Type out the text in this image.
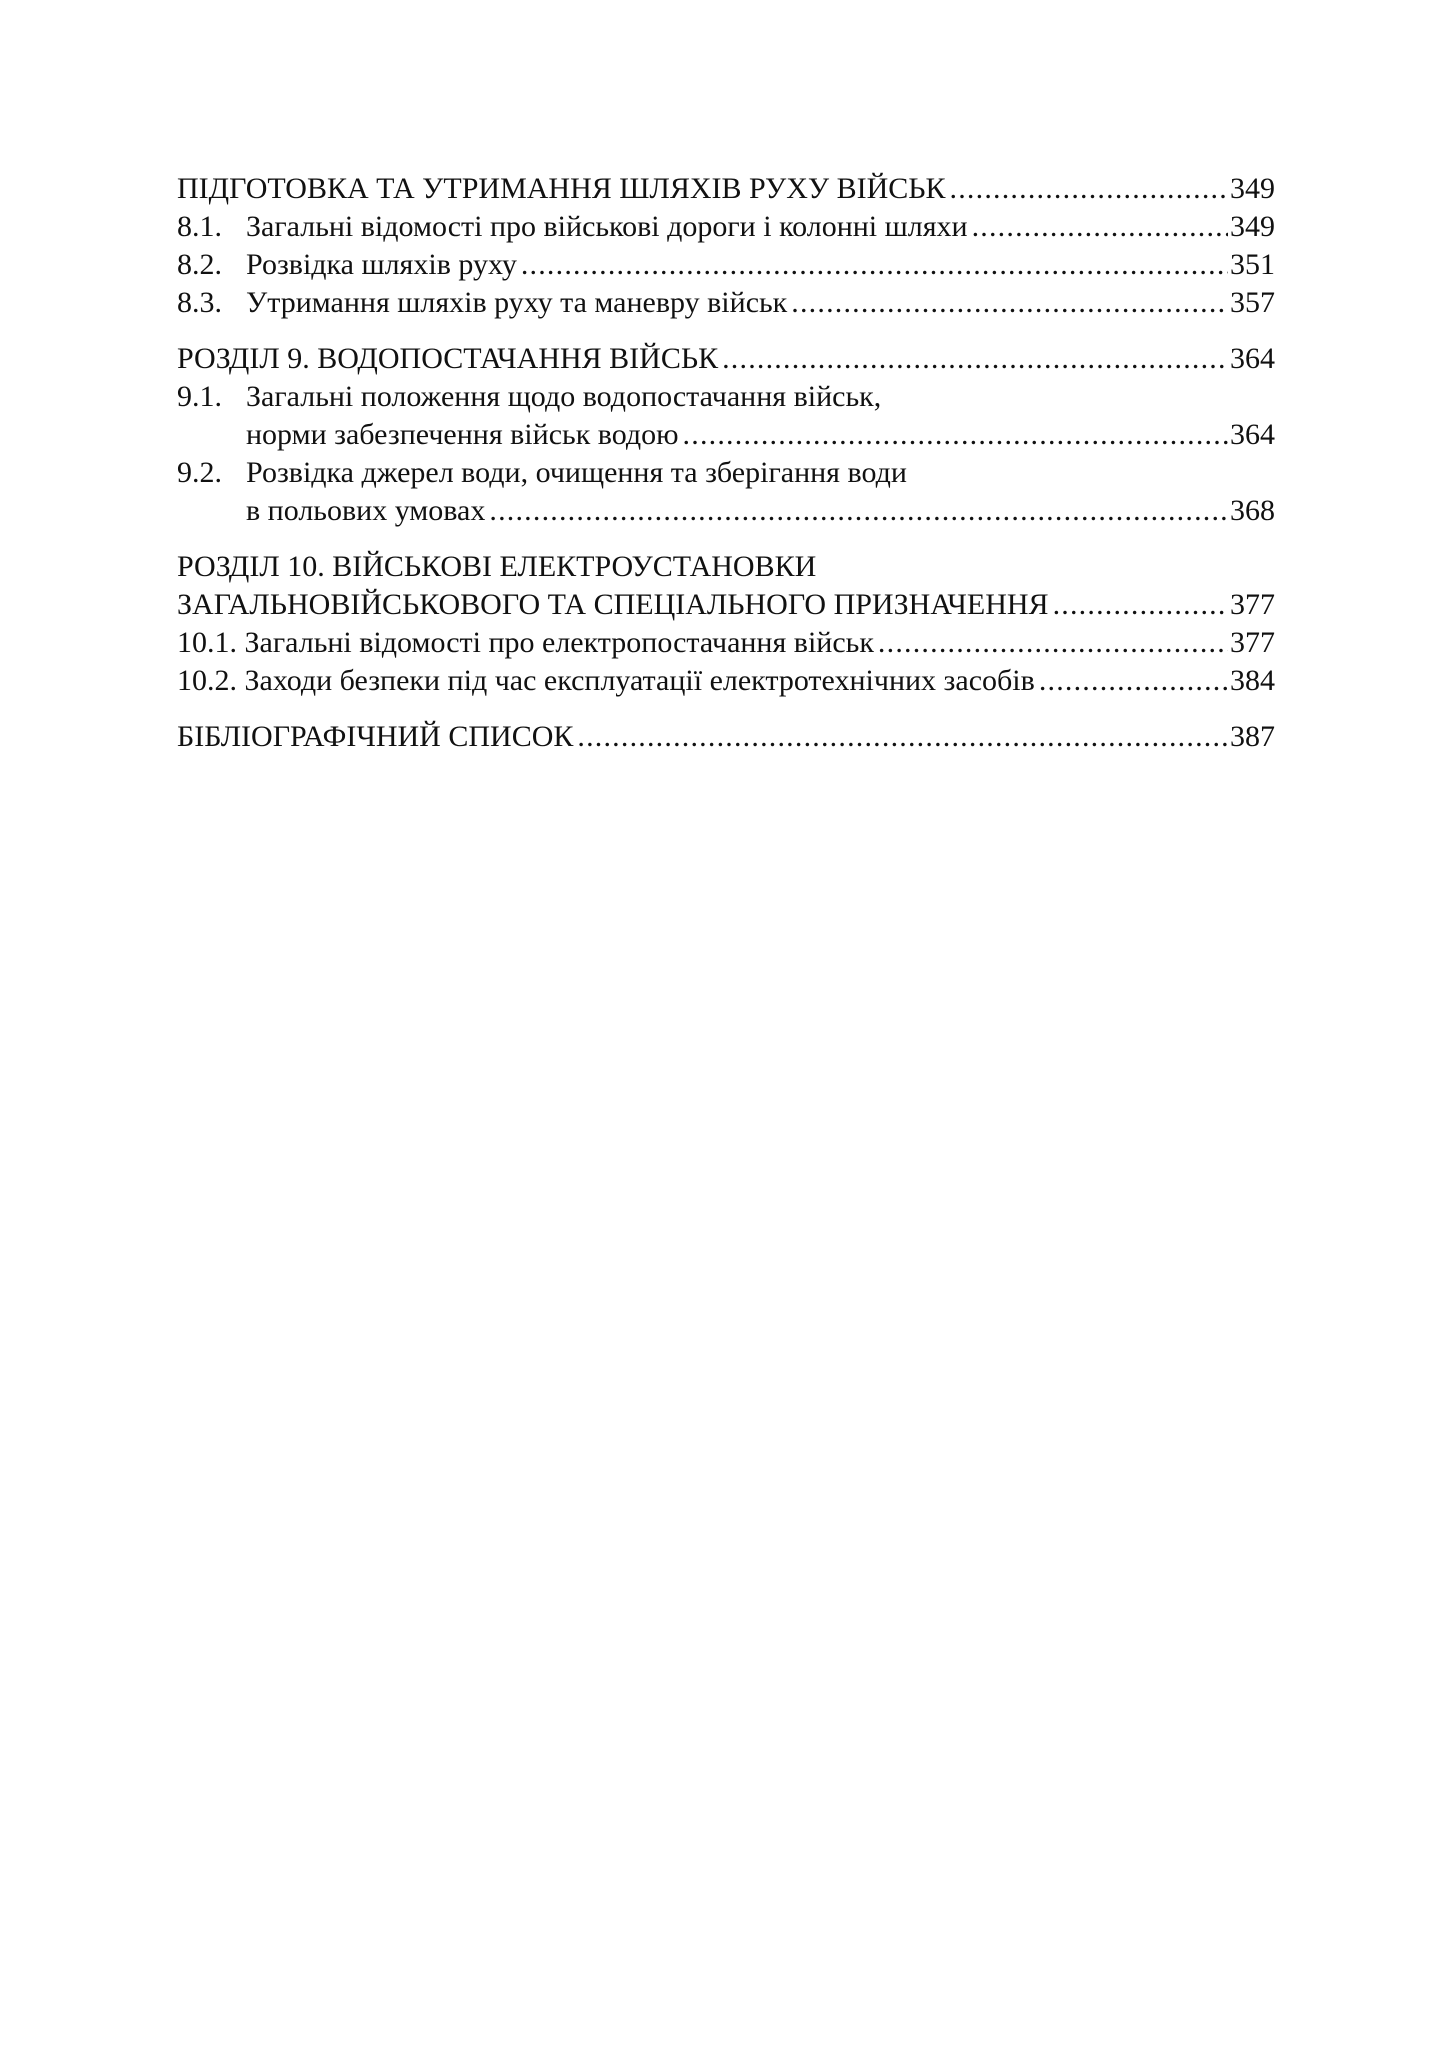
ПІДГОТОВКА ТА УТРИМАННЯ ШЛЯХІВ РУХУ ВІЙСЬК .....	349
8.1. Загальні відомості про військові дороги і колонні шляхи .....	349
8.2. Розвідка шляхів руху .....	351
8.3. Утримання шляхів руху та маневру військ .....	357
РОЗДІЛ 9. ВОДОПОСТАЧАННЯ ВІЙСЬК .....	364
9.1. Загальні положення щодо водопостачання військ,
норми забезпечення військ водою .....	364
9.2. Розвідка джерел води, очищення та зберігання води
в польових умовах .....	368
РОЗДІЛ 10. ВІЙСЬКОВІ ЕЛЕКТРОУСТАНОВКИ
ЗАГАЛЬНОВІЙСЬКОВОГО ТА СПЕЦІАЛЬНОГО ПРИЗНАЧЕННЯ .....	377
10.1. Загальні відомості про електропостачання військ .....	377
10.2. Заходи безпеки під час експлуатації електротехнічних засобів .....	384
БІБЛІОГРАФІЧНИЙ СПИСОК .....	387
